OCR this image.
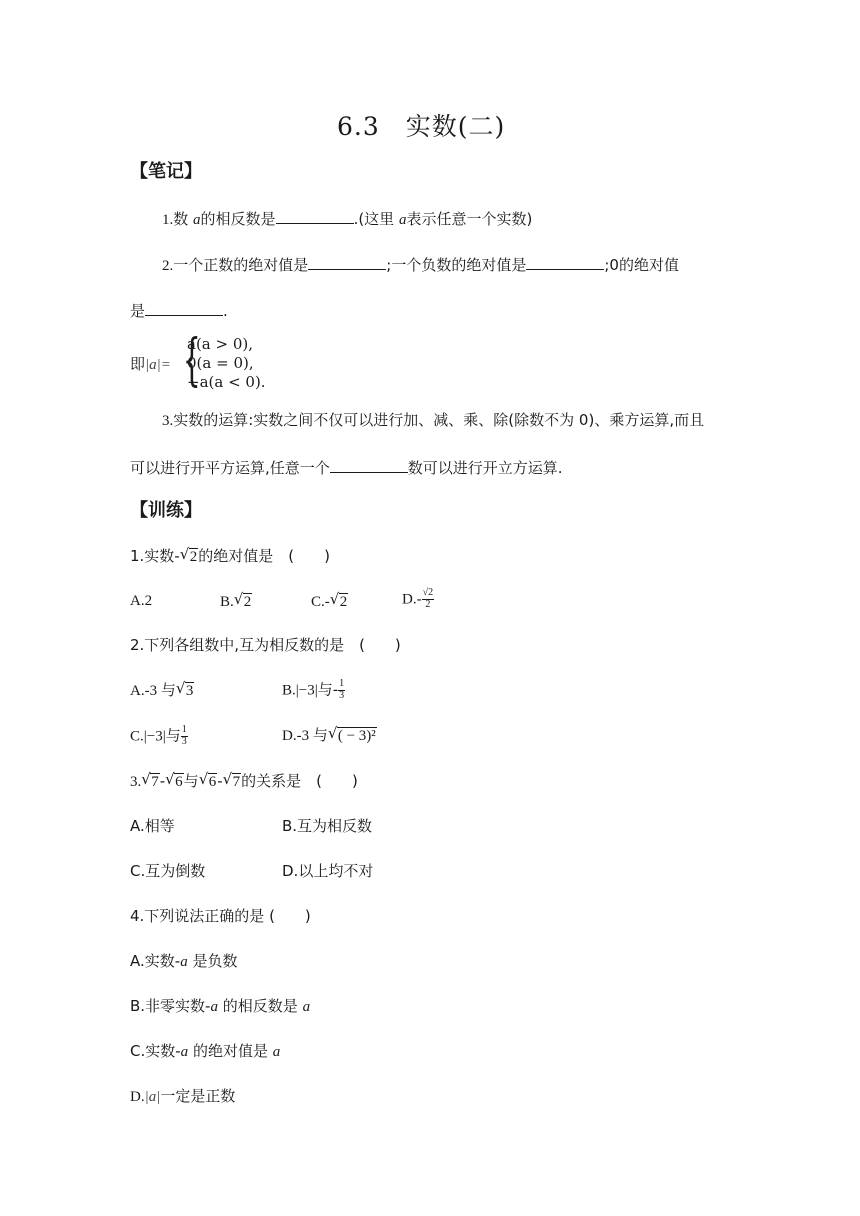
6.3　实数(二)
【笔记】
1.数 a的相反数是	.(这里 a表示任意一个实数)
2.一个正数的绝对值是	;一个负数的绝对值是	;0的绝对值
是	.
即|a|= {
a(a > 0),
0(a = 0),
−a(a < 0).
3.实数的运算:实数之间不仅可以进行加、减、乘、除(除数不为 0)、乘方运算,而且
可以进行开平方运算,任意一个	数可以进行开立方运算.
【训练】
1.实数- √ 2的绝对值是　(　　)
A.2	B. √ 2	C.- √ 2	$D.- \frac{√2}{2}$
2.下列各组数中,互为相反数的是　(　　)
A.-3 与 √ 3	B.|−3|与- $\frac{1}{3}$
C.|−3|与 $\frac{1}{3}$	D.-3 与 √ ( − 3)²
3. √ 7- √ 6与 √ 6- √ 7的关系是　(　　)
A.相等	B.互为相反数
C.互为倒数	D.以上均不对
4.下列说法正确的是 (　　)
A.实数-a 是负数
B.非零实数-a 的相反数是 a
C.实数-a 的绝对值是 a
D.|a|一定是正数
